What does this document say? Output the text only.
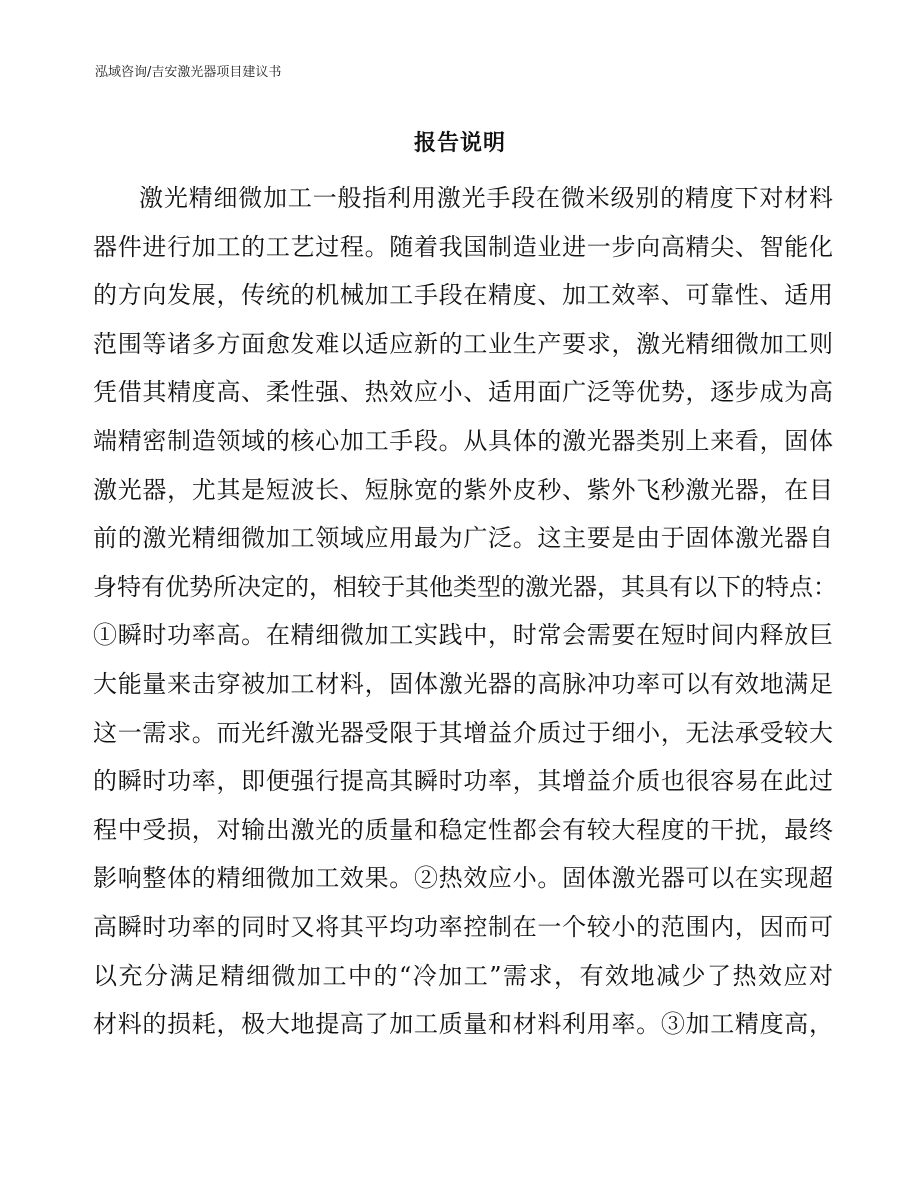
泓域咨询/吉安激光器项目建议书
报告说明
激光精细微加工一般指利用激光手段在微米级别的精度下对材料
器件进行加工的工艺过程。随着我国制造业进一步向高精尖、智能化
的方向发展，传统的机械加工手段在精度、加工效率、可靠性、适用
范围等诸多方面愈发难以适应新的工业生产要求，激光精细微加工则
凭借其精度高、柔性强、热效应小、适用面广泛等优势，逐步成为高
端精密制造领域的核心加工手段。从具体的激光器类别上来看，固体
激光器，尤其是短波长、短脉宽的紫外皮秒、紫外飞秒激光器，在目
前的激光精细微加工领域应用最为广泛。这主要是由于固体激光器自
身特有优势所决定的，相较于其他类型的激光器，其具有以下的特点：
①瞬时功率高。在精细微加工实践中，时常会需要在短时间内释放巨
大能量来击穿被加工材料，固体激光器的高脉冲功率可以有效地满足
这一需求。而光纤激光器受限于其增益介质过于细小，无法承受较大
的瞬时功率，即便强行提高其瞬时功率，其增益介质也很容易在此过
程中受损，对输出激光的质量和稳定性都会有较大程度的干扰，最终
影响整体的精细微加工效果。②热效应小。固体激光器可以在实现超
高瞬时功率的同时又将其平均功率控制在一个较小的范围内，因而可
以充分满足精细微加工中的“冷加工”需求，有效地减少了热效应对
材料的损耗，极大地提高了加工质量和材料利用率。③加工精度高，
